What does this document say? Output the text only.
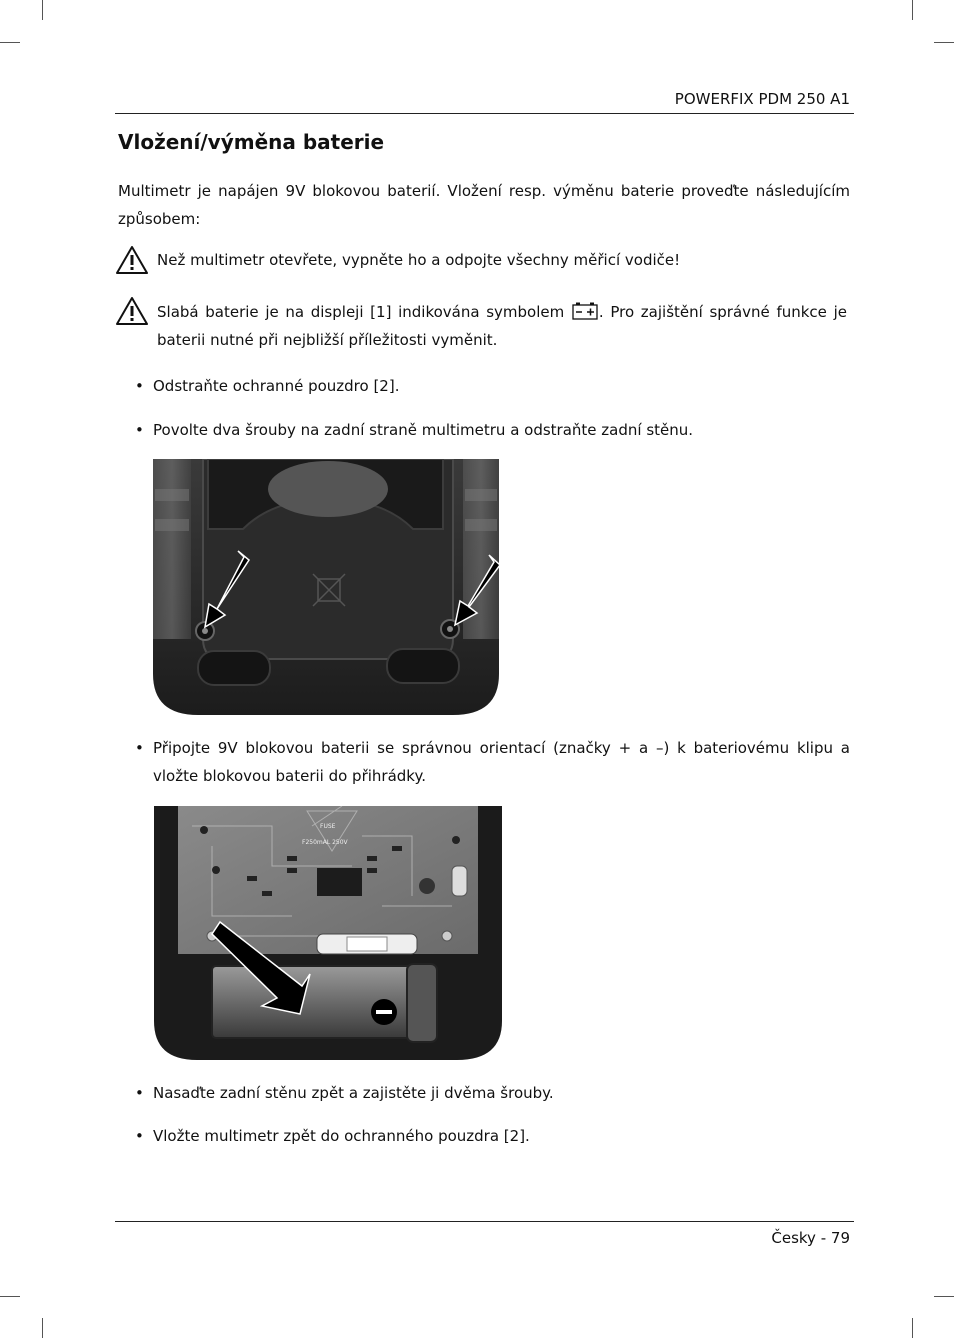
POWERFIX PDM 250 A1
Vložení/výměna baterie
Multimetr je napájen 9V blokovou baterií. Vložení resp. výměnu baterie proveďte následujícím způsobem:
Než multimetr otevřete, vypněte ho a odpojte všechny měřicí vodiče!
Slabá baterie je na displeji [1] indikována symbolem . Pro zajištění správné funkce je baterii nutné při nejbližší příležitosti vyměnit.
• Odstraňte ochranné pouzdro [2].
• Povolte dva šrouby na zadní straně multimetru a odstraňte zadní stěnu.
• Připojte 9V blokovou baterii se správnou orientací (značky + a –) k bateriovému klipu a vložte blokovou baterii do přihrádky.
FUSE
F250mAL 250V
• Nasaďte zadní stěnu zpět a zajistěte ji dvěma šrouby.
• Vložte multimetr zpět do ochranného pouzdra [2].
Česky - 79
